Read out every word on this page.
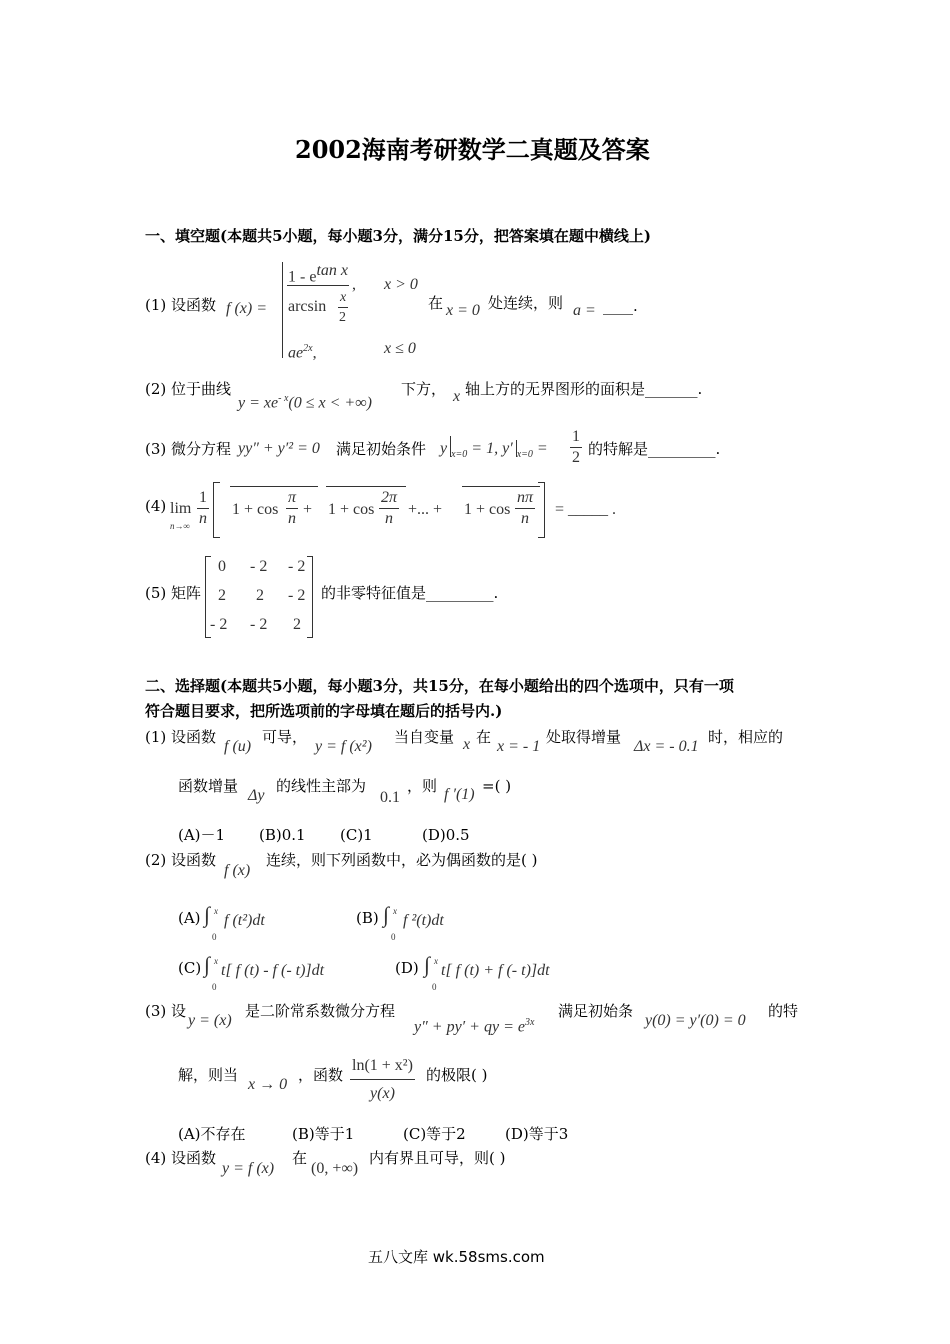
2002海南考研数学二真题及答案
一、填空题(本题共5小题，每小题3分，满分15分，把答案填在题中横线上)
(1) 设函数 f (x) =
$1 - e^{tan x}$
arcsin
x
2
, x > 0
$ae^{2x}$,	x ≤ 0
在 x = 0 处连续，则 a = ____.
(2) 位于曲线
$y = xe^{- x}(0 \le x$ < +∞)
下方， x 轴上方的无界图形的面积是_______.
(3) 微分方程 yy″ + y′² = 0 满足初始条件 y $_{x=0}$ = 1, y′ $_{x=0} = \frac{1}{2}$ 的特解是_________.
(4) lim
$n\to\infty \frac{1}{n} 1 + \cos \frac{\pi}{n} + 1 + \cos \frac{2\pi}{n}$ +... + $1 + \cos \frac{n\pi}{n}$ = _____ .
(5) 矩阵
0 - 2 - 2
2 2 - 2
- 2 - 2 2
的非零特征值是_________.
二、选择题(本题共5小题，每小题3分，共15分，在每小题给出的四个选项中，只有一项
符合题目要求，把所选项前的字母填在题后的括号内.)
(1) 设函数
f (u)
可导，
y = f (x²)
当自变量 x 在
x = - 1
处取得增量
Δx = - 0.1
时，相应的
函数增量
Δy
的线性主部为
0.1
，则 f ′(1) =( )
(A)－1 (B)0.1 (C)1	(D)0.5
(2) 设函数
f (x)
连续，则下列函数中，必为偶函数的是( )
(A) ∫ x
0
f (t²)dt	(B) ∫ x
0
f ²(t)dt
(C) ∫ x
0
t[ f (t) - f (- t)]dt	(D) ∫ x
0
t[ f (t) + f (- t)]dt
(3) 设
y = (x)
是二阶常系数微分方程
y″ + py′ + qy = $e^{3x}$
满足初始条
y(0) = y′(0) = 0
的特
解，则当
x → 0
，函数 $\frac{\text{ln(1 + x²)}}{y(x)}$ 的极限( )
(A)不存在	(B)等于1	(C)等于2	(D)等于3
(4) 设函数
y = f (x)
在
(0, +∞)
内有界且可导，则( )
五八文库 wk.58sms.com
